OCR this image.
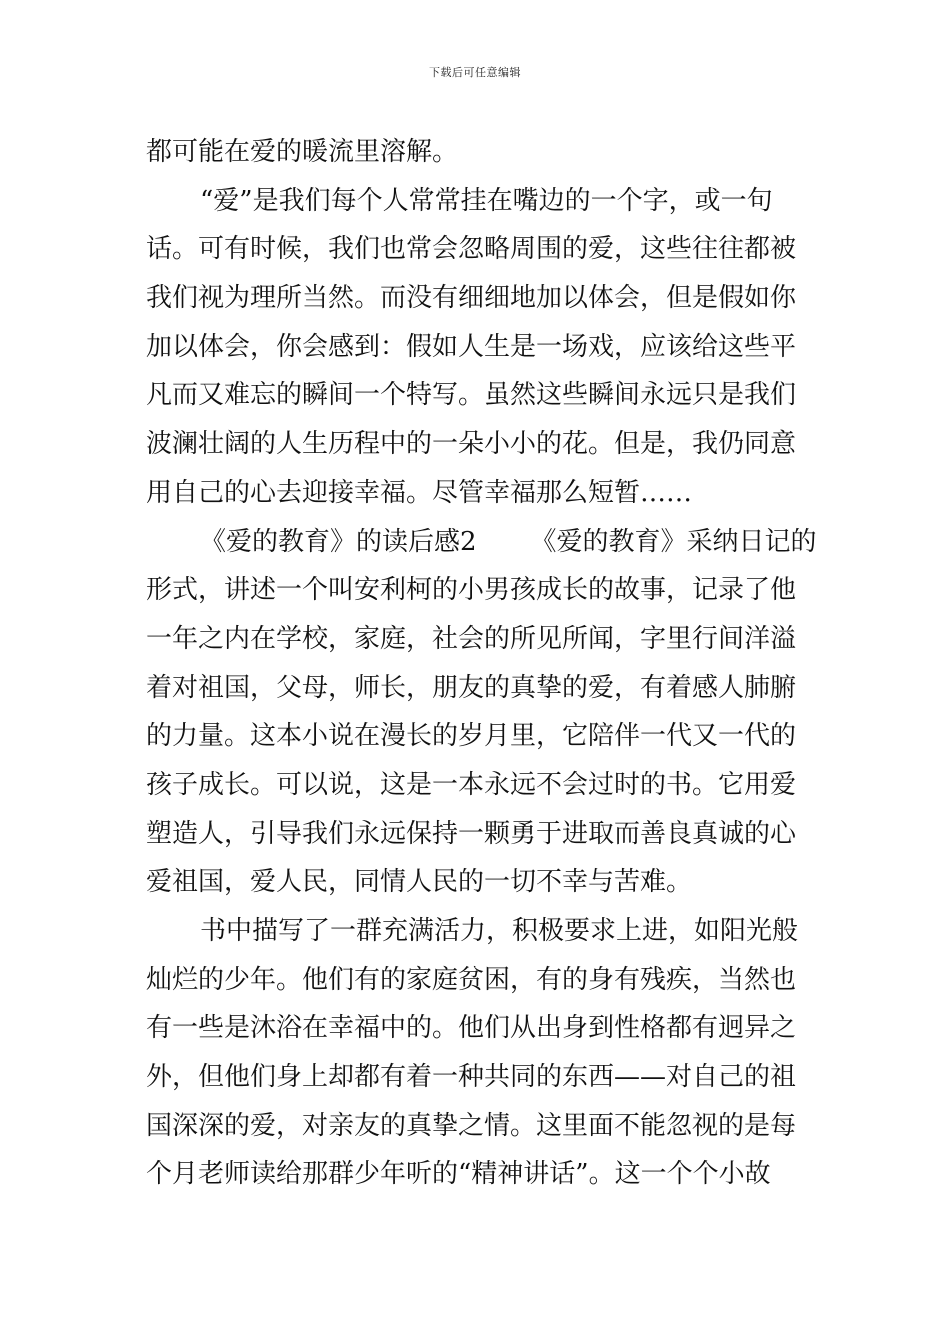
下载后可任意编辑
都可能在爱的暖流里溶解。
“爱”是我们每个人常常挂在嘴边的一个字，或一句
话。可有时候，我们也常会忽略周围的爱，这些往往都被
我们视为理所当然。而没有细细地加以体会，但是假如你
加以体会，你会感到：假如人生是一场戏，应该给这些平
凡而又难忘的瞬间一个特写。虽然这些瞬间永远只是我们
波澜壮阔的人生历程中的一朵小小的花。但是，我仍同意
用自己的心去迎接幸福。尽管幸福那么短暂……
《爱的教育》的读后感2 《爱的教育》采纳日记的
形式，讲述一个叫安利柯的小男孩成长的故事，记录了他
一年之内在学校，家庭，社会的所见所闻，字里行间洋溢
着对祖国，父母，师长，朋友的真挚的爱，有着感人肺腑
的力量。这本小说在漫长的岁月里，它陪伴一代又一代的
孩子成长。可以说，这是一本永远不会过时的书。它用爱
塑造人，引导我们永远保持一颗勇于进取而善良真诚的心
爱祖国，爱人民，同情人民的一切不幸与苦难。
书中描写了一群充满活力，积极要求上进，如阳光般
灿烂的少年。他们有的家庭贫困，有的身有残疾，当然也
有一些是沐浴在幸福中的。他们从出身到性格都有迥异之
外，但他们身上却都有着一种共同的东西——对自己的祖
国深深的爱，对亲友的真挚之情。这里面不能忽视的是每
个月老师读给那群少年听的“精神讲话”。这一个个小故
